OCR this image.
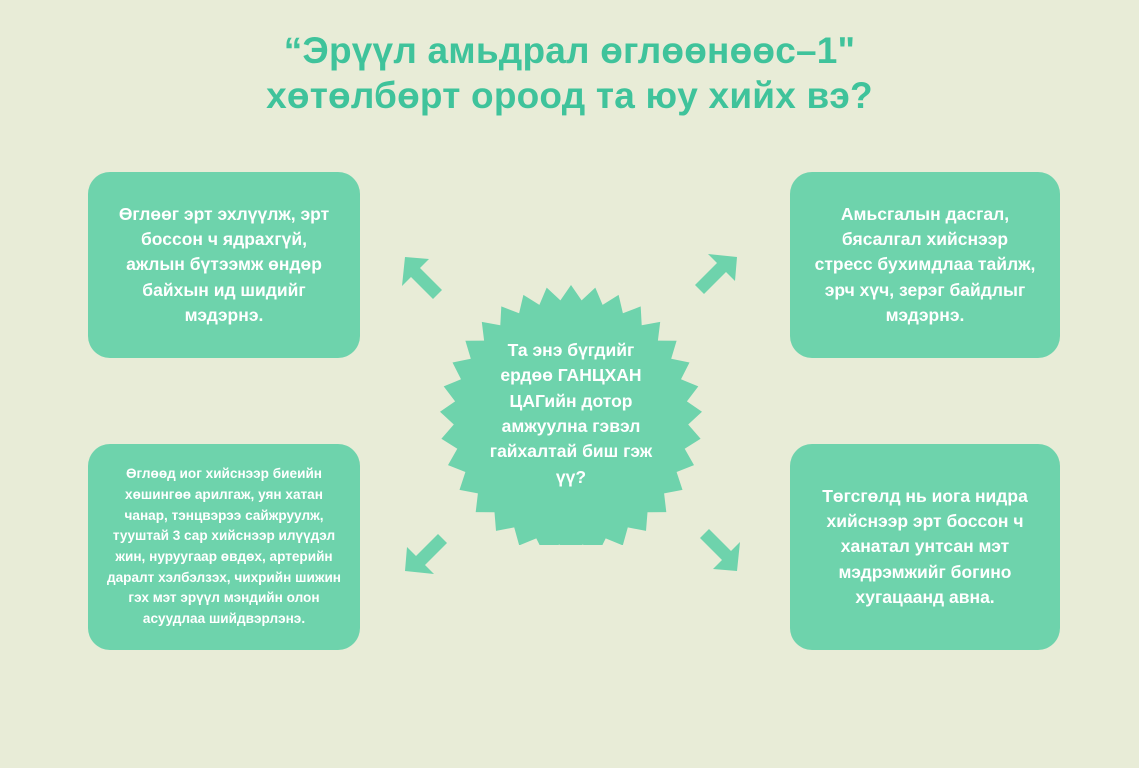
“Эрүүл амьдрал өглөөнөөс–1"
хөтөлбөрт ороод та юу хийх вэ?
Өглөөг эрт эхлүүлж, эрт боссон ч ядрахгүй, ажлын бүтээмж өндөр байхын ид шидийг мэдэрнэ.
Амьсгалын дасгал, бясалгал хийснээр стресс бухимдлаа тайлж, эрч хүч, зерэг байдлыг мэдэрнэ.
Өглөөд иог хийснээр биеийн хөшингөө арилгаж, уян хатан чанар, тэнцвэрээ сайжруулж, тууштай 3 сар хийснээр илүүдэл жин, нуруугаар өвдөх, артерийн даралт хэлбэлзэх, чихрийн шижин гэх мэт эрүүл мэндийн олон асуудлаа шийдвэрлэнэ.
Төгсгөлд нь иога нидра хийснээр эрт боссон ч ханатал унтсан мэт мэдрэмжийг богино хугацаанд авна.
Та энэ бүгдийг ердөө ГАНЦХАН ЦАГийн дотор амжуулна гэвэл гайхалтай биш гэж үү?
